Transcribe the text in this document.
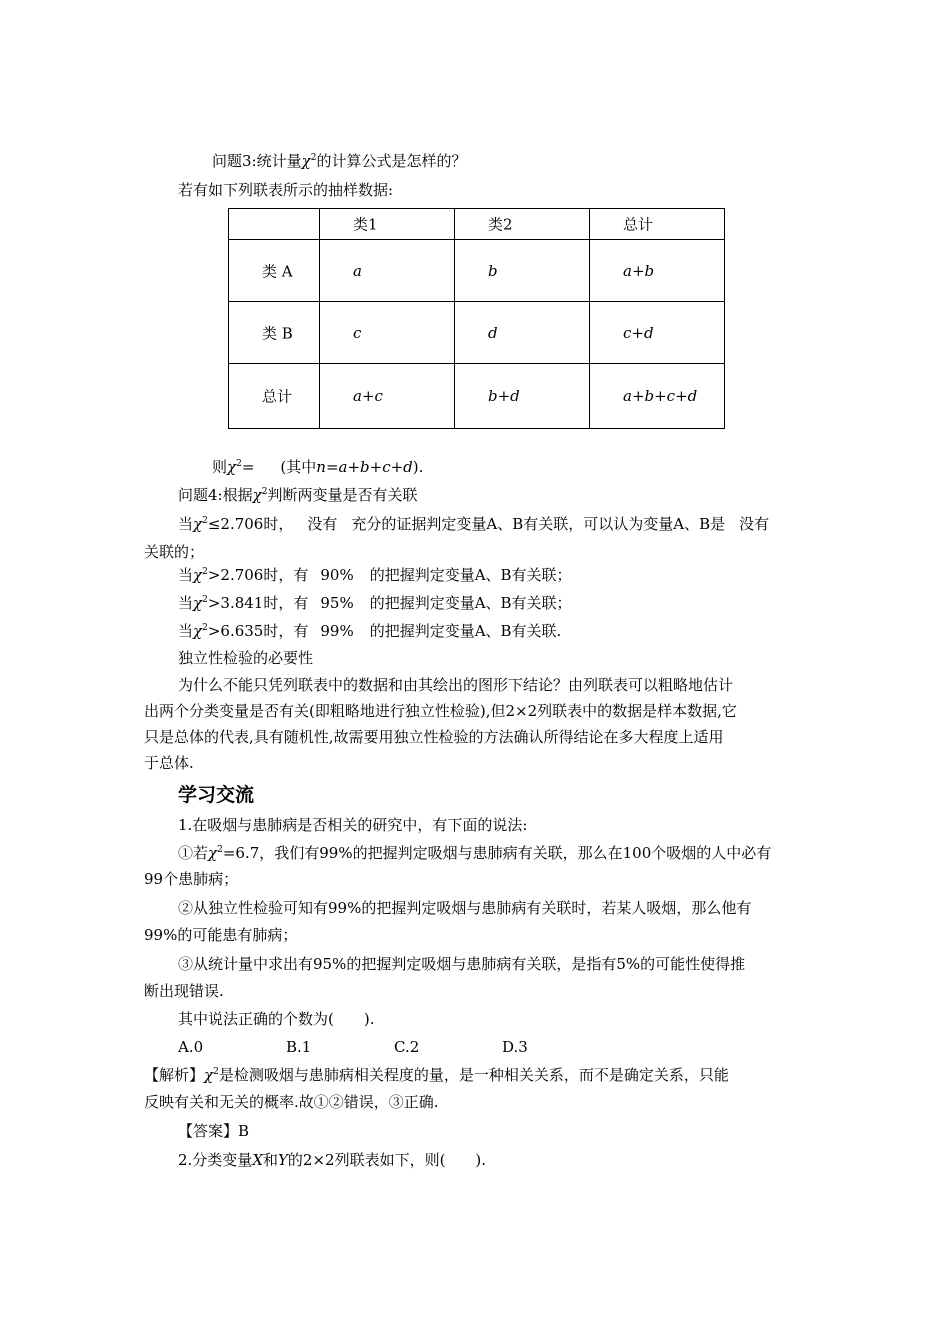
问题3:统计量$\chi^2$的计算公式是怎样的？
若有如下列联表所示的抽样数据:

	类1	类2	总计

类 A	a	b	a+b

类 B	c	d	c+d

总计	a+c	b+d	a+b+c+d
则$\chi^2=$ (其中n=a+b+c+d).
问题4:根据$\chi^2$判断两变量是否有关联
当$\chi^2\le 2.706$时， 没有 充分的证据判定变量A、B有关联，可以认为变量A、B是 没有
关联的；
当$\chi^2>2.706$时，有 90% 的把握判定变量A、B有关联；
当$\chi^2>3.841$时，有 95% 的把握判定变量A、B有关联；
当$\chi^2>6.635$时，有 99% 的把握判定变量A、B有关联.
独立性检验的必要性
为什么不能只凭列联表中的数据和由其绘出的图形下结论？由列联表可以粗略地估计
出两个分类变量是否有关(即粗略地进行独立性检验),但2×2列联表中的数据是样本数据,它
只是总体的代表,具有随机性,故需要用独立性检验的方法确认所得结论在多大程度上适用
于总体.
学习交流
1.在吸烟与患肺病是否相关的研究中，有下面的说法:
①若$\chi^2=6.7$，我们有99%的把握判定吸烟与患肺病有关联，那么在100个吸烟的人中必有
99个患肺病；
②从独立性检验可知有99%的把握判定吸烟与患肺病有关联时，若某人吸烟，那么他有
99%的可能患有肺病；
③从统计量中求出有95%的把握判定吸烟与患肺病有关联，是指有5%的可能性使得推
断出现错误.
其中说法正确的个数为(　　).
A.0	B.1	C.2	D.3
【解析】$\chi^2$是检测吸烟与患肺病相关程度的量，是一种相关关系，而不是确定关系，只能
反映有关和无关的概率.故①②错误，③正确.
【答案】B
2.分类变量X和Y的2×2列联表如下，则(　　).
